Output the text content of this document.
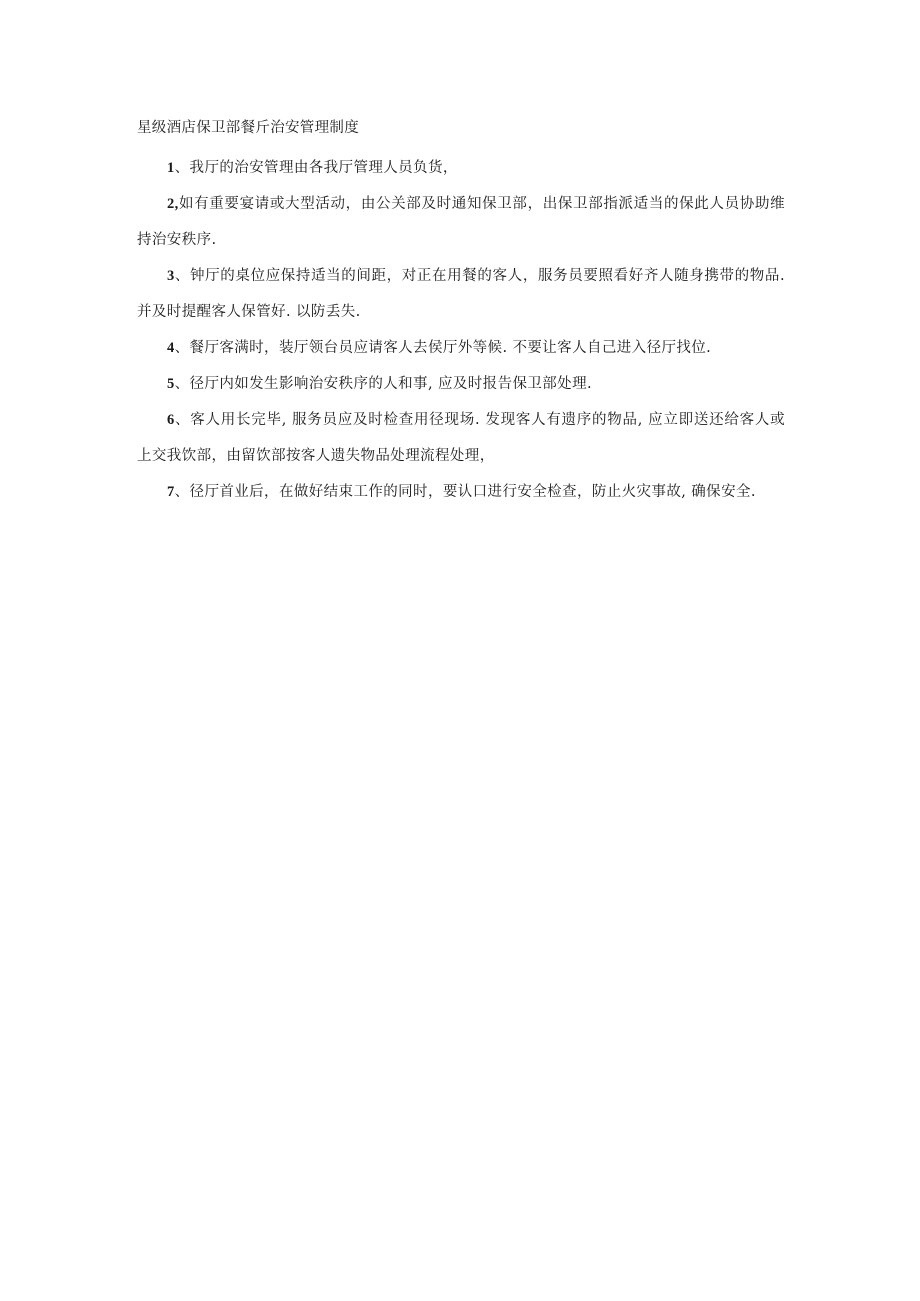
星级酒店保卫部餐斤治安管理制度
1、我厅的治安管理由各我厅管理人员负货，
2,如有重要宴请或大型活动，由公关部及时通知保卫部，出保卫部指派适当的保此人员协助维持治安秩序.
3、钟厅的桌位应保持适当的间距，对正在用餐的客人，服务员要照看好齐人随身携带的物品. 并及时提醒客人保管好. 以防丢失.
4、餐厅客满时，装厅领台员应请客人去侯厅外等候. 不要让客人自己进入径厅找位.
5、径厅内如发生影响治安秩序的人和事, 应及时报告保卫部处理.
6、客人用长完毕, 服务员应及时检查用径现场. 发现客人有遗序的物品, 应立即送还给客人或上交我饮部，由留饮部按客人遗失物品处理流程处理，
7、径厅首业后，在做好结束工作的同时，要认口进行安全检查，防止火灾事故, 确保安全.
